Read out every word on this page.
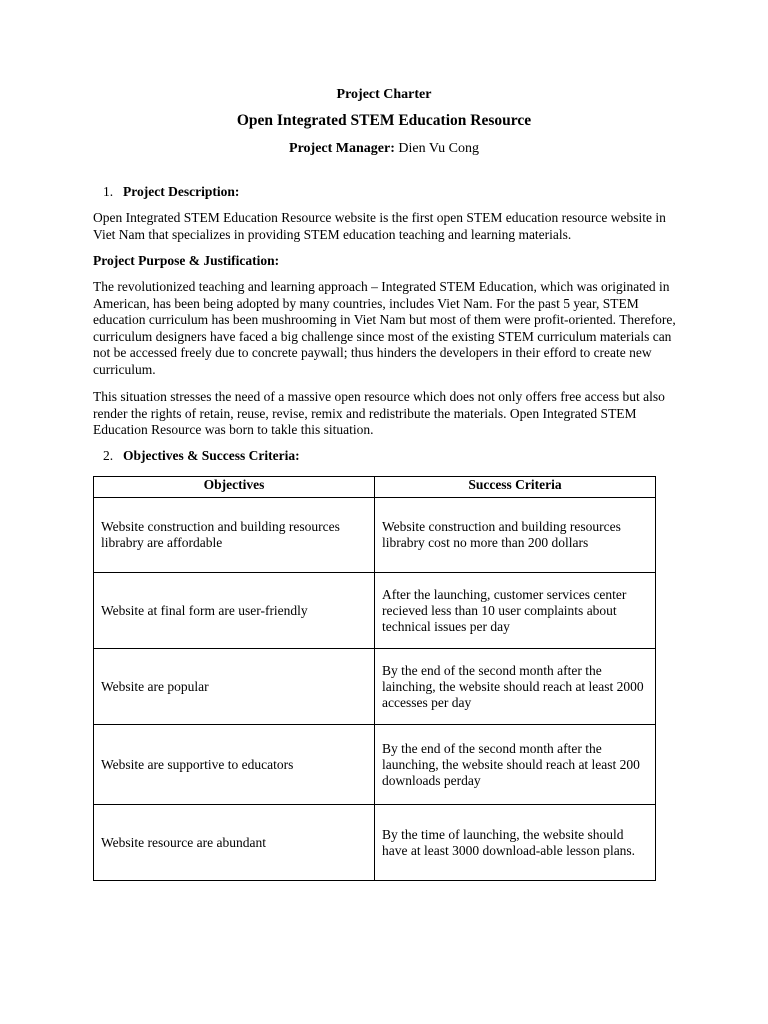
Project Charter
Open Integrated STEM Education Resource
Project Manager: Dien Vu Cong
1. Project Description:

Open Integrated STEM Education Resource website is the first open STEM education resource website in Viet Nam that specializes in providing STEM education teaching and learning materials.

Project Purpose & Justification:

The revolutionized teaching and learning approach – Integrated STEM Education, which was originated in American, has been being adopted by many countries, includes Viet Nam. For the past 5 year, STEM education curriculum has been mushrooming in Viet Nam but most of them were profit-oriented. Therefore, curriculum designers have faced a big challenge since most of the existing STEM curriculum materials can not be accessed freely due to concrete paywall; thus hinders the developers in their efford to create new curriculum.

This situation stresses the need of a massive open resource which does not only offers free access but also render the rights of retain, reuse, revise, remix and redistribute the materials. Open Integrated STEM Education Resource was born to takle this situation.

2. Objectives & Success Criteria:
Objectives	Success Criteria
Website construction and building resources librabry are affordable	Website construction and building resources librabry cost no more than 200 dollars
Website at final form are user-friendly	After the launching, customer services center recieved less than 10 user complaints about technical issues per day
Website are popular	By the end of the second month after the lainching, the website should reach at least 2000 accesses per day
Website are supportive to educators	By the end of the second month after the launching, the website should reach at least 200 downloads perday
Website resource are abundant	By the time of launching, the website should have at least 3000 download-able lesson plans.
